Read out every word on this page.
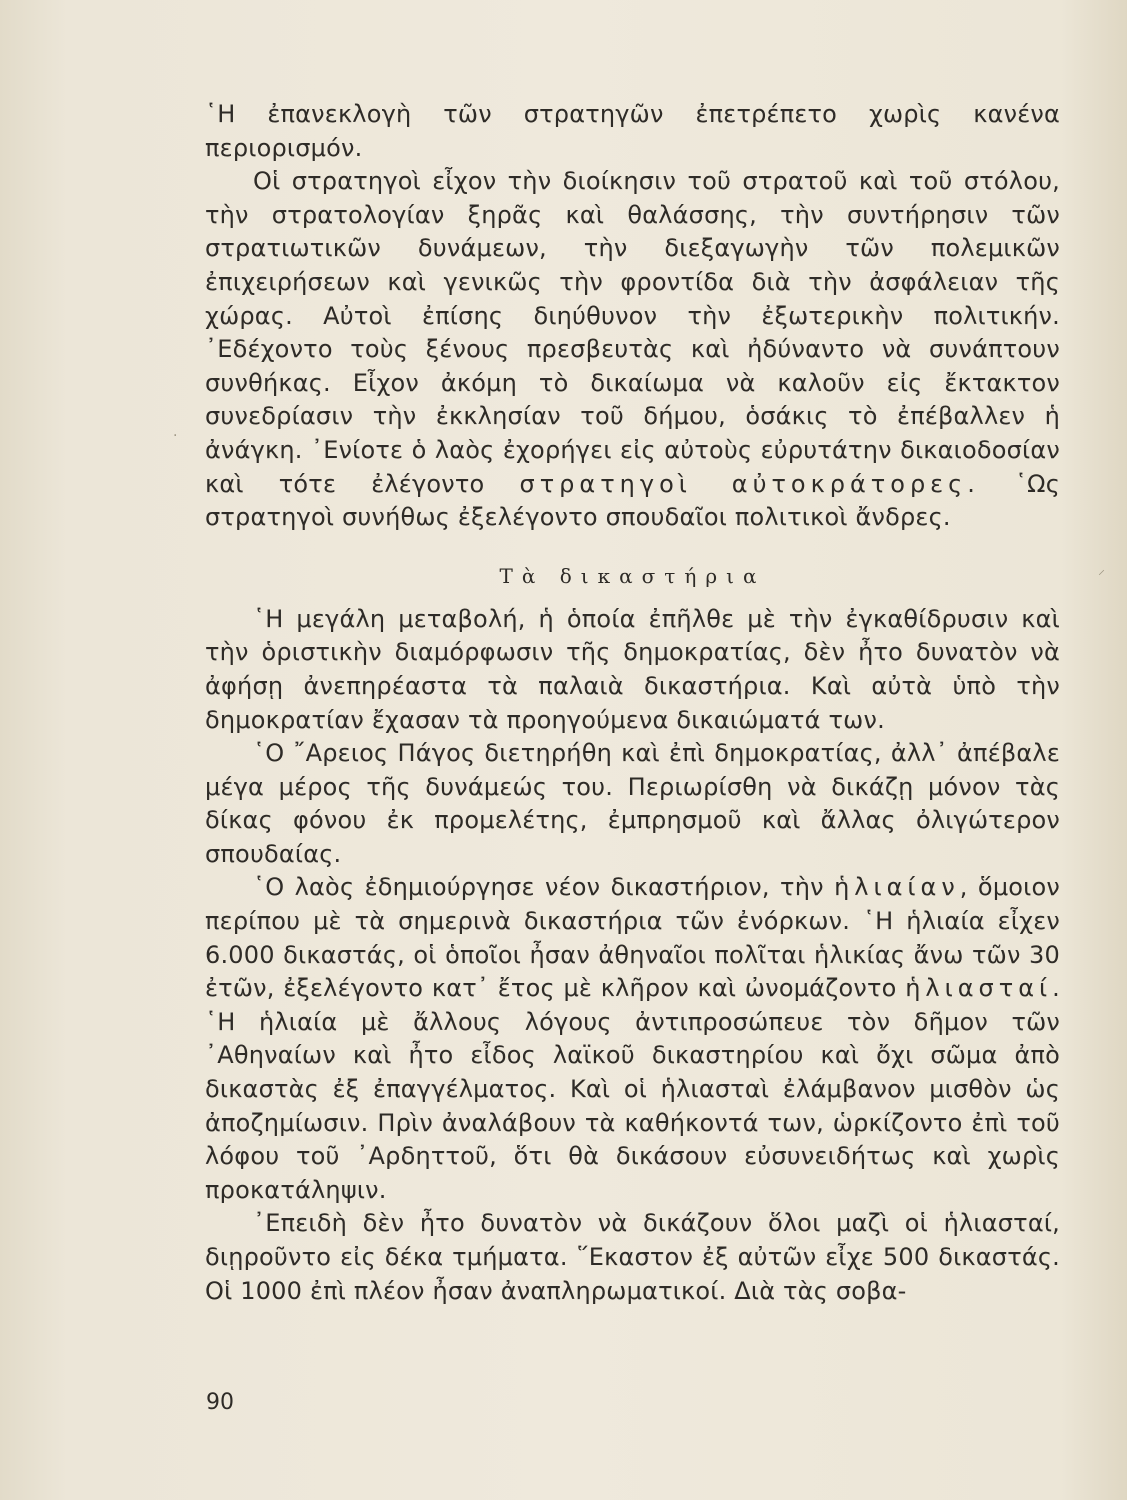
⸝
·

῾Η ἐπανεκλογὴ τῶν στρατηγῶν ἐπετρέπετο χωρὶς κανένα περιορισμόν.

Οἱ στρατηγοὶ εἶχον τὴν διοίκησιν τοῦ στρατοῦ καὶ τοῦ στόλου, τὴν στρατολογίαν ξηρᾶς καὶ θαλάσσης, τὴν συντήρησιν τῶν στρατιωτικῶν δυνάμεων, τὴν διεξαγωγὴν τῶν πολεμικῶν ἐπιχειρήσεων καὶ γενικῶς τὴν φροντίδα διὰ τὴν ἀσφάλειαν τῆς χώρας. Αὐτοὶ ἐπίσης διηύθυνον τὴν ἐξωτερικὴν πολιτικήν. ᾿Εδέχοντο τοὺς ξένους πρεσβευτὰς καὶ ἠδύναντο νὰ συνάπτουν συνθήκας. Εἶχον ἀκόμη τὸ δικαίωμα νὰ καλοῦν εἰς ἔκτακτον συνεδρίασιν τὴν ἐκκλησίαν τοῦ δήμου, ὁσάκις τὸ ἐπέβαλλεν ἡ ἀνάγκη. ᾿Ενίοτε ὁ λαὸς ἐχορήγει εἰς αὐτοὺς εὐρυτάτην δικαιοδοσίαν καὶ τότε ἐλέγοντο στρατηγοὶ αὐτοκράτορες. ῾Ως στρατηγοὶ συνήθως ἐξελέγοντο σπουδαῖοι πολιτικοὶ ἄνδρες.

Τὰ δικαστήρια

῾Η μεγάλη μεταβολή, ἡ ὁποία ἐπῆλθε μὲ τὴν ἐγκαθίδρυσιν καὶ τὴν ὁριστικὴν διαμόρφωσιν τῆς δημοκρατίας, δὲν ἦτο δυνατὸν νὰ ἀφήσῃ ἀνεπηρέαστα τὰ παλαιὰ δικαστήρια. Καὶ αὐτὰ ὑπὸ τὴν δημοκρατίαν ἔχασαν τὰ προηγούμενα δικαιώματά των.

῾Ο ῎Αρειος Πάγος διετηρήθη καὶ ἐπὶ δημοκρατίας, ἀλλ᾿ ἀπέβαλε μέγα μέρος τῆς δυνάμεώς του. Περιωρίσθη νὰ δικάζῃ μόνον τὰς δίκας φόνου ἐκ προμελέτης, ἐμπρησμοῦ καὶ ἄλλας ὀλιγώτερον σπουδαίας.

῾Ο λαὸς ἐδημιούργησε νέον δικαστήριον, τὴν ἡλιαίαν, ὅμοιον περίπου μὲ τὰ σημερινὰ δικαστήρια τῶν ἐνόρκων. ῾Η ἡλιαία εἶχεν 6.000 δικαστάς, οἱ ὁποῖοι ἦσαν ἀθηναῖοι πολῖται ἡλικίας ἄνω τῶν 30 ἐτῶν, ἐξελέγοντο κατ᾿ ἔτος μὲ κλῆρον καὶ ὠνομάζοντο ἡλιασταί. ῾Η ἡλιαία μὲ ἄλλους λόγους ἀντιπροσώπευε τὸν δῆμον τῶν ᾿Αθηναίων καὶ ἦτο εἶδος λαϊκοῦ δικαστηρίου καὶ ὄχι σῶμα ἀπὸ δικαστὰς ἐξ ἐπαγγέλματος. Καὶ οἱ ἡλιασταὶ ἐλάμβανον μισθὸν ὡς ἀποζημίωσιν. Πρὶν ἀναλάβουν τὰ καθήκοντά των, ὡρκίζοντο ἐπὶ τοῦ λόφου τοῦ ᾿Αρδηττοῦ, ὅτι θὰ δικάσουν εὐσυνειδήτως καὶ χωρὶς προκατάληψιν.

᾿Επειδὴ δὲν ἦτο δυνατὸν νὰ δικάζουν ὅλοι μαζὶ οἱ ἡλιασταί, διῃροῦντο εἰς δέκα τμήματα. ῞Εκαστον ἐξ αὐτῶν εἶχε 500 δικαστάς. Οἱ 1000 ἐπὶ πλέον ἦσαν ἀναπληρωματικοί. Διὰ τὰς σοβα-

90
